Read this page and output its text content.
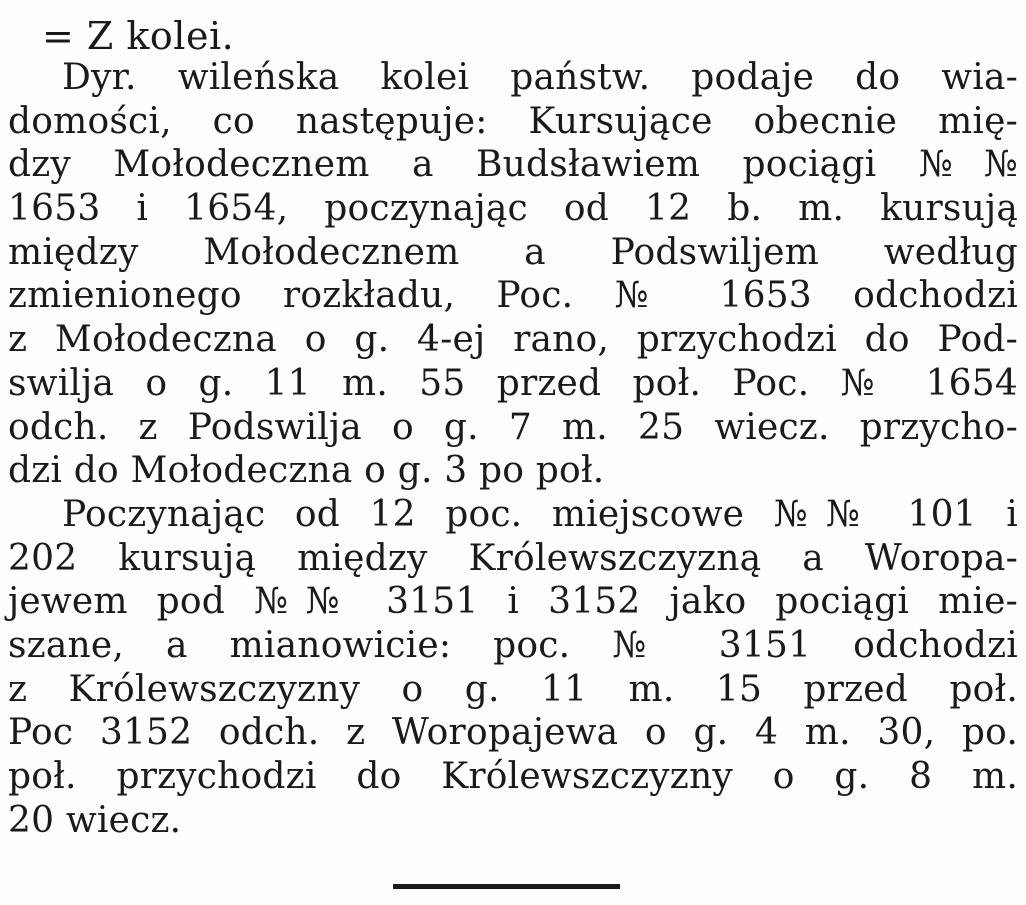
= Z kolei.
Dyr. wileńska kolei państw. podaje do wia-
domości, co następuje: Kursujące obecnie mię-
dzy Mołodecznem a Budsławiem pociągi №№
1653 i 1654, poczynając od 12 b. m. kursują
między Mołodecznem a Podswiljem według
zmienionego rozkładu, Poc. № 1653 odchodzi
z Mołodeczna o g. 4-ej rano, przychodzi do Pod-
swilja o g. 11 m. 55 przed poł. Poc. № 1654
odch. z Podswilja o g. 7 m. 25 wiecz. przycho-
dzi do Mołodeczna o g. 3 po poł.
Poczynając od 12 poc. miejscowe №№ 101 i
202 kursują między Królewszczyzną a Woropa-
jewem pod №№ 3151 i 3152 jako pociągi mie-
szane, a mianowicie: poc. № 3151 odchodzi
z Królewszczyzny o g. 11 m. 15 przed poł.
Poc 3152 odch. z Woropajewa o g. 4 m. 30, po.
poł. przychodzi do Królewszczyzny o g. 8 m.
20 wiecz.
